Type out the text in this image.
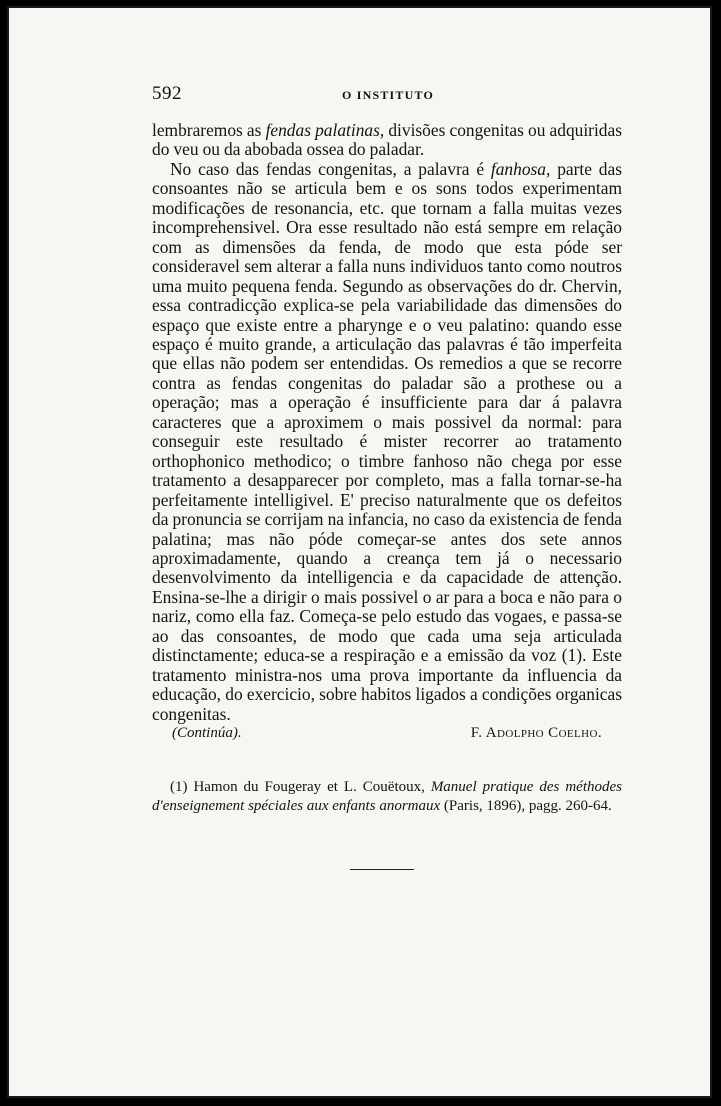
592	O INSTITUTO

lembraremos as fendas palatinas, divisões congenitas ou adquiridas do veu ou da abobada ossea do paladar.

No caso das fendas congenitas, a palavra é fanhosa, parte das consoantes não se articula bem e os sons todos experimentam modificações de resonancia, etc. que tornam a falla muitas vezes incomprehensivel. Ora esse resultado não está sempre em relação com as dimensões da fenda, de modo que esta póde ser consideravel sem alterar a falla nuns individuos tanto como noutros uma muito pequena fenda. Segundo as observações do dr. Chervin, essa contradicção explica-se pela variabilidade das dimensões do espaço que existe entre a pharynge e o veu palatino: quando esse espaço é muito grande, a articulação das palavras é tão imperfeita que ellas não podem ser entendidas. Os remedios a que se recorre contra as fendas congenitas do paladar são a prothese ou a operação; mas a operação é insufficiente para dar á palavra caracteres que a aproximem o mais possivel da normal: para conseguir este resultado é mister recorrer ao tratamento orthophonico methodico; o timbre fanhoso não chega por esse tratamento a desapparecer por completo, mas a falla tornar-se-ha perfeitamente intelligivel. E' preciso naturalmente que os defeitos da pronuncia se corrijam na infancia, no caso da existencia de fenda palatina; mas não póde começar-se antes dos sete annos aproximadamente, quando a creança tem já o necessario desenvolvimento da intelligencia e da capacidade de attenção. Ensina-se-lhe a dirigir o mais possivel o ar para a boca e não para o nariz, como ella faz. Começa-se pelo estudo das vogaes, e passa-se ao das consoantes, de modo que cada uma seja articulada distinctamente; educa-se a respiração e a emissão da voz (1). Este tratamento ministra-nos uma prova importante da influencia da educação, do exercicio, sobre habitos ligados a condições organicas congenitas.

(Continúa).	F. Adolpho Coelho.
(1) Hamon du Fougeray et L. Couëtoux, Manuel pratique des méthodes d'enseignement spéciales aux enfants anormaux (Paris, 1896), pagg. 260-64.
